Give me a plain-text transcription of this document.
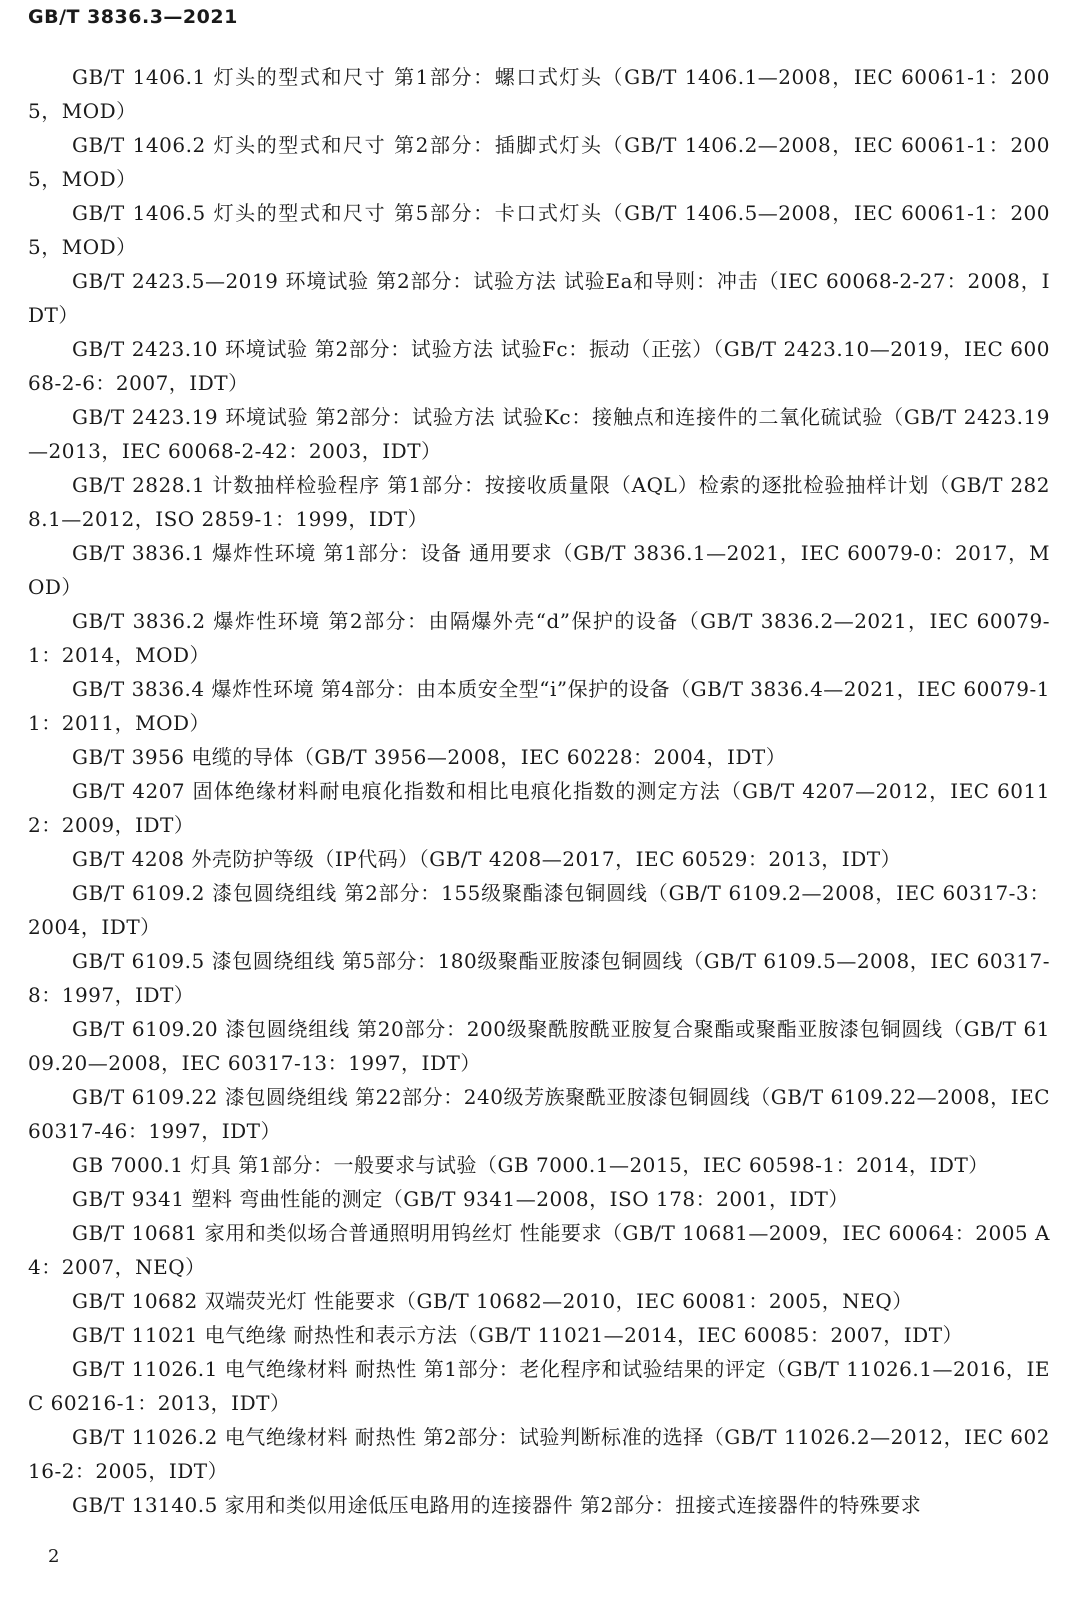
GB/T 3836.3—2021

GB/T 1406.1 灯头的型式和尺寸 第1部分：螺口式灯头（GB/T 1406.1—2008，IEC 60061-1：2005，MOD）

GB/T 1406.2 灯头的型式和尺寸 第2部分：插脚式灯头（GB/T 1406.2—2008，IEC 60061-1：2005，MOD）

GB/T 1406.5 灯头的型式和尺寸 第5部分：卡口式灯头（GB/T 1406.5—2008，IEC 60061-1：2005，MOD）

GB/T 2423.5—2019 环境试验 第2部分：试验方法 试验Ea和导则：冲击（IEC 60068-2-27：2008，IDT）

GB/T 2423.10 环境试验 第2部分：试验方法 试验Fc：振动（正弦）（GB/T 2423.10—2019，IEC 60068-2-6：2007，IDT）

GB/T 2423.19 环境试验 第2部分：试验方法 试验Kc：接触点和连接件的二氧化硫试验（GB/T 2423.19—2013，IEC 60068-2-42：2003，IDT）

GB/T 2828.1 计数抽样检验程序 第1部分：按接收质量限（AQL）检索的逐批检验抽样计划（GB/T 2828.1—2012，ISO 2859-1：1999，IDT）

GB/T 3836.1 爆炸性环境 第1部分：设备 通用要求（GB/T 3836.1—2021，IEC 60079-0：2017，MOD）

GB/T 3836.2 爆炸性环境 第2部分：由隔爆外壳“d”保护的设备（GB/T 3836.2—2021，IEC 60079-1：2014，MOD）

GB/T 3836.4 爆炸性环境 第4部分：由本质安全型“i”保护的设备（GB/T 3836.4—2021，IEC 60079-11：2011，MOD）

GB/T 3956 电缆的导体（GB/T 3956—2008，IEC 60228：2004，IDT）

GB/T 4207 固体绝缘材料耐电痕化指数和相比电痕化指数的测定方法（GB/T 4207—2012，IEC 60112：2009，IDT）

GB/T 4208 外壳防护等级（IP代码）（GB/T 4208—2017，IEC 60529：2013，IDT）

GB/T 6109.2 漆包圆绕组线 第2部分：155级聚酯漆包铜圆线（GB/T 6109.2—2008，IEC 60317-3：2004，IDT）

GB/T 6109.5 漆包圆绕组线 第5部分：180级聚酯亚胺漆包铜圆线（GB/T 6109.5—2008，IEC 60317-8：1997，IDT）

GB/T 6109.20 漆包圆绕组线 第20部分：200级聚酰胺酰亚胺复合聚酯或聚酯亚胺漆包铜圆线（GB/T 6109.20—2008，IEC 60317-13：1997，IDT）

GB/T 6109.22 漆包圆绕组线 第22部分：240级芳族聚酰亚胺漆包铜圆线（GB/T 6109.22—2008，IEC 60317-46：1997，IDT）

GB 7000.1 灯具 第1部分：一般要求与试验（GB 7000.1—2015，IEC 60598-1：2014，IDT）

GB/T 9341 塑料 弯曲性能的测定（GB/T 9341—2008，ISO 178：2001，IDT）

GB/T 10681 家用和类似场合普通照明用钨丝灯 性能要求（GB/T 10681—2009，IEC 60064：2005 A4：2007，NEQ）

GB/T 10682 双端荧光灯 性能要求（GB/T 10682—2010，IEC 60081：2005，NEQ）

GB/T 11021 电气绝缘 耐热性和表示方法（GB/T 11021—2014，IEC 60085：2007，IDT）

GB/T 11026.1 电气绝缘材料 耐热性 第1部分：老化程序和试验结果的评定（GB/T 11026.1—2016，IEC 60216-1：2013，IDT）

GB/T 11026.2 电气绝缘材料 耐热性 第2部分：试验判断标准的选择（GB/T 11026.2—2012，IEC 60216-2：2005，IDT）

GB/T 13140.5 家用和类似用途低压电路用的连接器件 第2部分：扭接式连接器件的特殊要求

2
